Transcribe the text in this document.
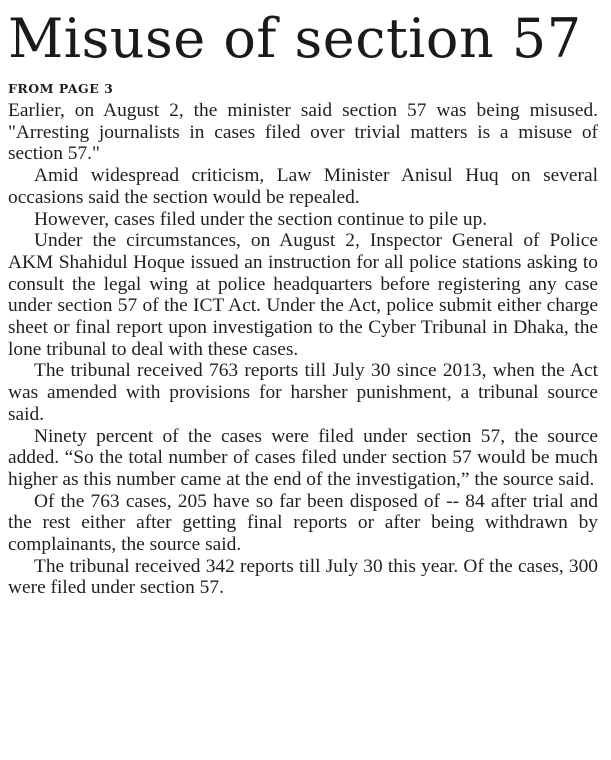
Misuse of section 57
FROM PAGE 3

Earlier, on August 2, the minister said section 57 was being misused. "Arresting journalists in cases filed over trivial matters is a misuse of section 57."

Amid widespread criticism, Law Minister Anisul Huq on several occasions said the section would be repealed.

However, cases filed under the section continue to pile up.

Under the circumstances, on August 2, Inspector General of Police AKM Shahidul Hoque issued an instruction for all police stations asking to consult the legal wing at police headquarters before registering any case under section 57 of the ICT Act. Under the Act, police submit either charge sheet or final report upon investigation to the Cyber Tribunal in Dhaka, the lone tribunal to deal with these cases.

The tribunal received 763 reports till July 30 since 2013, when the Act was amended with provisions for harsher punishment, a tribunal source said.

Ninety percent of the cases were filed under section 57, the source added. “So the total number of cases filed under section 57 would be much higher as this number came at the end of the investigation,” the source said.

Of the 763 cases, 205 have so far been disposed of -- 84 after trial and the rest either after getting final reports or after being withdrawn by complainants, the source said.

The tribunal received 342 reports till July 30 this year. Of the cases, 300 were filed under section 57.
